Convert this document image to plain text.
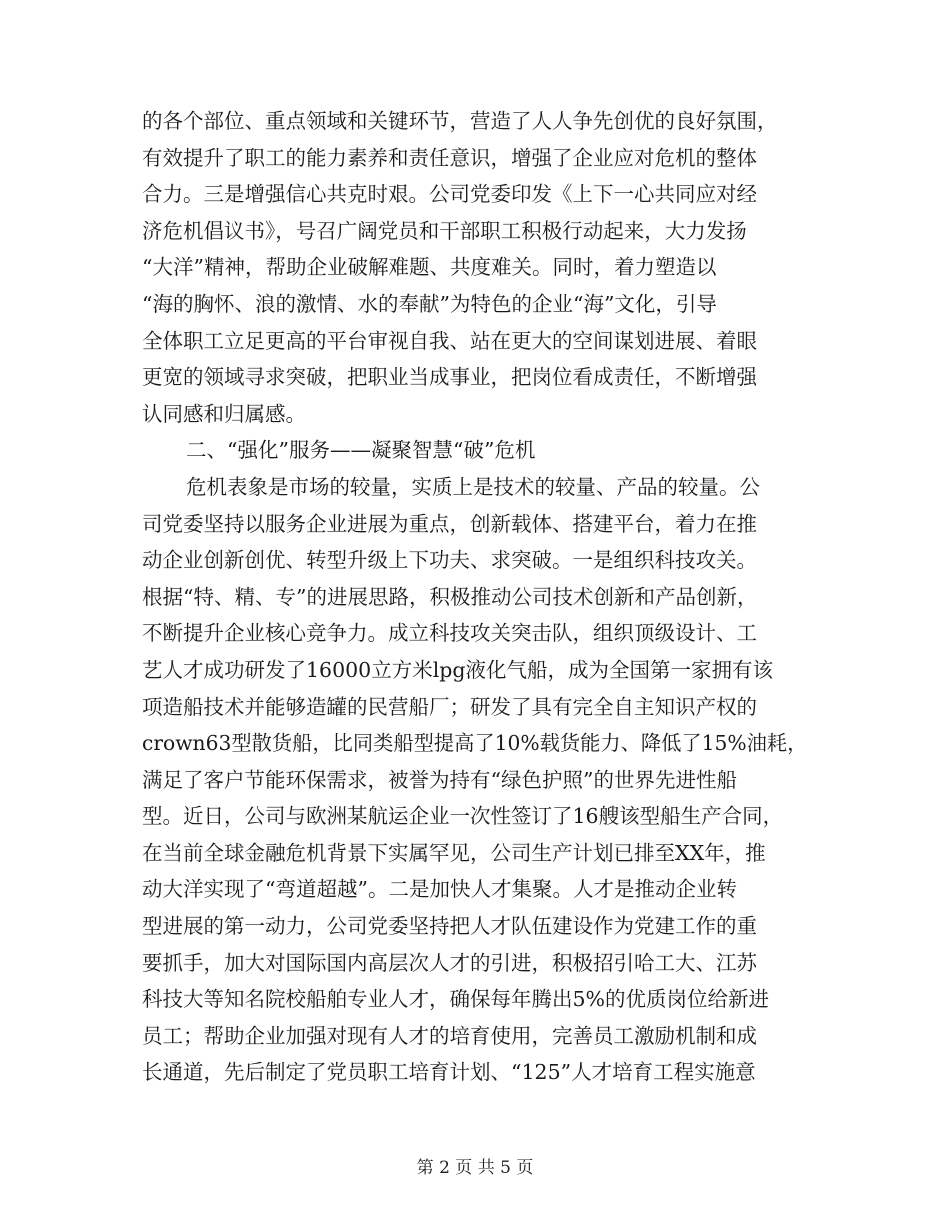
的各个部位、重点领域和关键环节，营造了人人争先创优的良好氛围，
有效提升了职工的能力素养和责任意识，增强了企业应对危机的整体
合力。三是增强信心共克时艰。公司党委印发《上下一心共同应对经
济危机倡议书》，号召广阔党员和干部职工积极行动起来，大力发扬
“大洋”精神，帮助企业破解难题、共度难关。同时，着力塑造以
“海的胸怀、浪的激情、水的奉献”为特色的企业“海”文化，引导
全体职工立足更高的平台审视自我、站在更大的空间谋划进展、着眼
更宽的领域寻求突破，把职业当成事业，把岗位看成责任，不断增强
认同感和归属感。
二、“强化”服务——凝聚智慧“破”危机
危机表象是市场的较量，实质上是技术的较量、产品的较量。公
司党委坚持以服务企业进展为重点，创新载体、搭建平台，着力在推
动企业创新创优、转型升级上下功夫、求突破。一是组织科技攻关。
根据“特、精、专”的进展思路，积极推动公司技术创新和产品创新，
不断提升企业核心竞争力。成立科技攻关突击队，组织顶级设计、工
艺人才成功研发了16000立方米lpg液化气船，成为全国第一家拥有该
项造船技术并能够造罐的民营船厂；研发了具有完全自主知识产权的
crown63型散货船，比同类船型提高了10%载货能力、降低了15%油耗，
满足了客户节能环保需求，被誉为持有“绿色护照”的世界先进性船
型。近日，公司与欧洲某航运企业一次性签订了16艘该型船生产合同，
在当前全球金融危机背景下实属罕见，公司生产计划已排至XX年，推
动大洋实现了“弯道超越”。二是加快人才集聚。人才是推动企业转
型进展的第一动力，公司党委坚持把人才队伍建设作为党建工作的重
要抓手，加大对国际国内高层次人才的引进，积极招引哈工大、江苏
科技大等知名院校船舶专业人才，确保每年腾出5%的优质岗位给新进
员工；帮助企业加强对现有人才的培育使用，完善员工激励机制和成
长通道，先后制定了党员职工培育计划、“125”人才培育工程实施意
第 2 页 共 5 页
